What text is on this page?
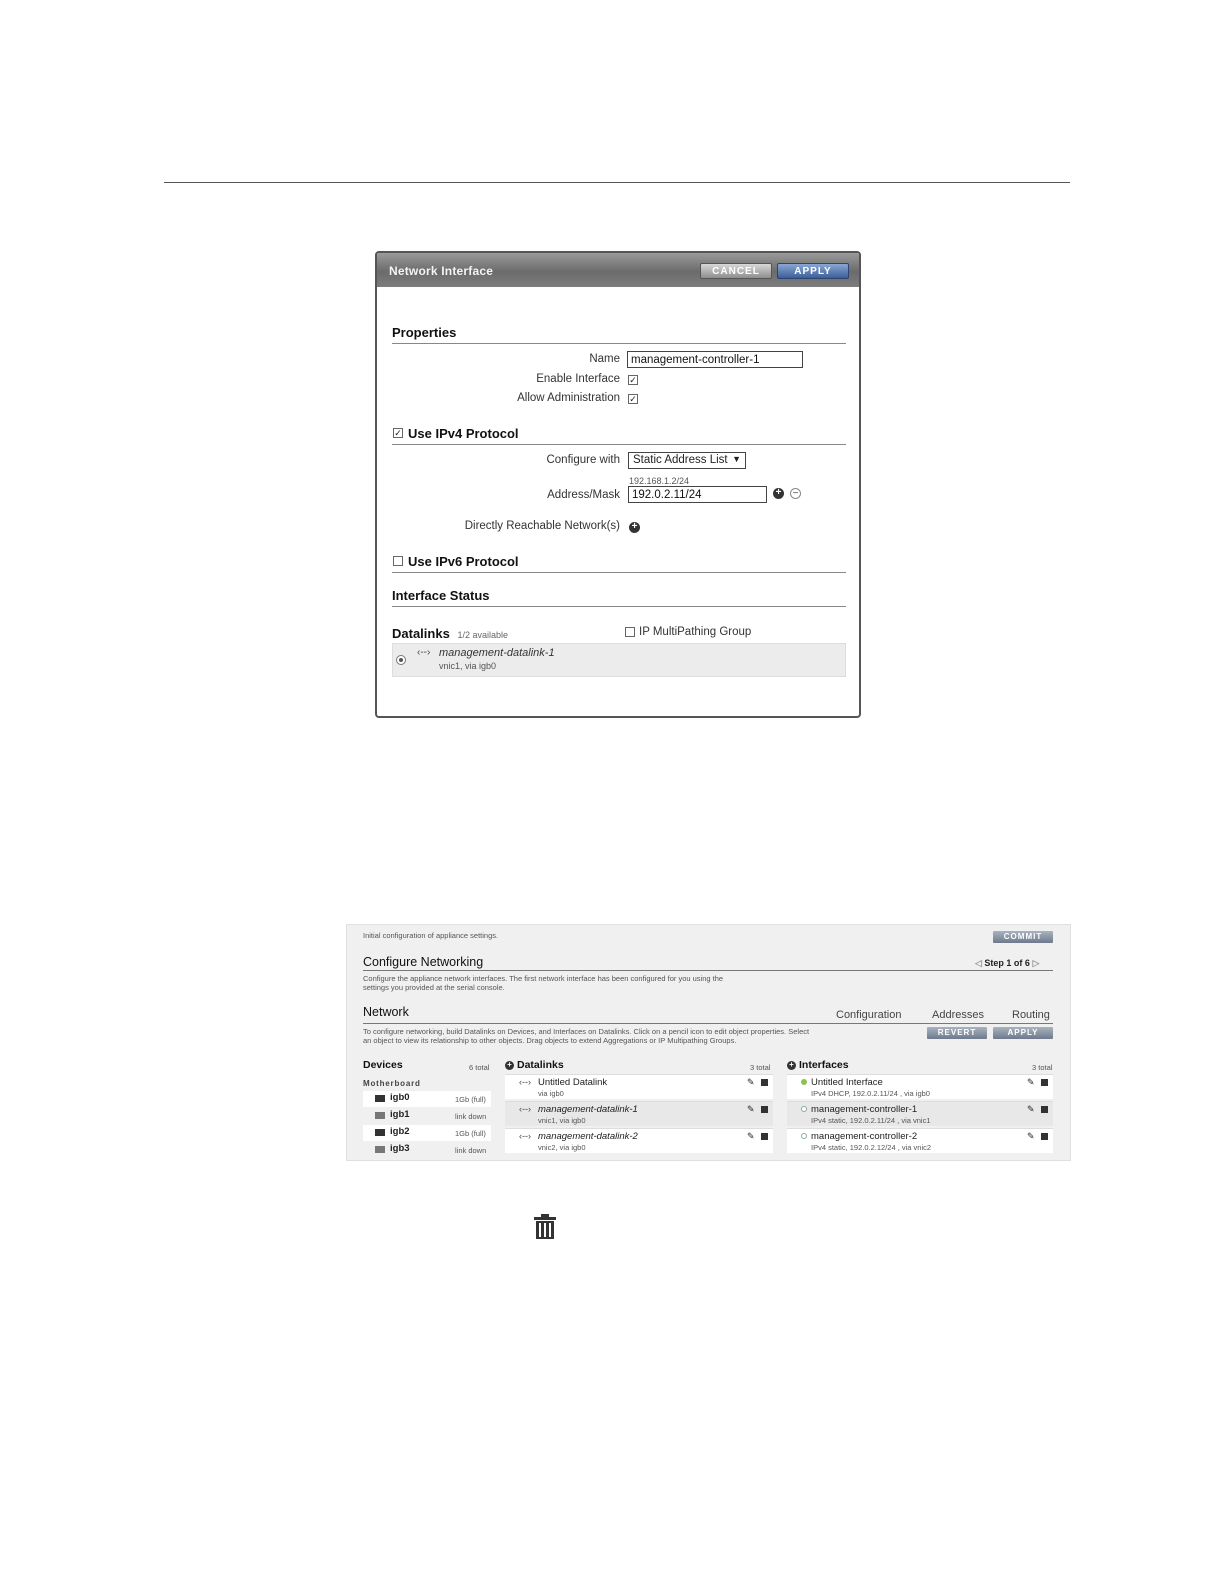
Network Interface	CANCEL	APPLY
Properties
Name
management-controller-1
Enable Interface ✓
Allow Administration ✓
✓ Use IPv4 Protocol
Configure with	Static Address List ▼
192.168.1.2/24
Address/Mask
192.0.2.11/24	+ −
Directly Reachable Network(s) +
Use IPv6 Protocol
Interface Status
Datalinks 1/2 available	IP MultiPathing Group
‹--› management-datalink-1
vnic1, via igb0
Initial configuration of appliance settings.	COMMIT
Configure Networking	◁ Step 1 of 6 ▷
Configure the appliance network interfaces. The first network interface has been configured for you using the
settings you provided at the serial console.
Network	Configuration	Addresses	Routing
To configure networking, build Datalinks on Devices, and Interfaces on Datalinks. Click on a pencil icon to edit object properties. Select
an object to view its relationship to other objects. Drag objects to extend Aggregations or IP Multipathing Groups.
REVERT	APPLY
Devices	6 total
Motherboard
igb0	1Gb (full)
igb1	link down
igb2	1Gb (full)
igb3	link down
+ Datalinks	3 total
‹--› Untitled Datalink
via igb0
✎
‹--› management-datalink-1
vnic1, via igb0
✎
‹--› management-datalink-2
vnic2, via igb0
✎
+ Interfaces	3 total
Untitled Interface
IPv4 DHCP, 192.0.2.11/24 , via igb0
✎
management-controller-1
IPv4 static, 192.0.2.11/24 , via vnic1
✎
management-controller-2
IPv4 static, 192.0.2.12/24 , via vnic2
✎
